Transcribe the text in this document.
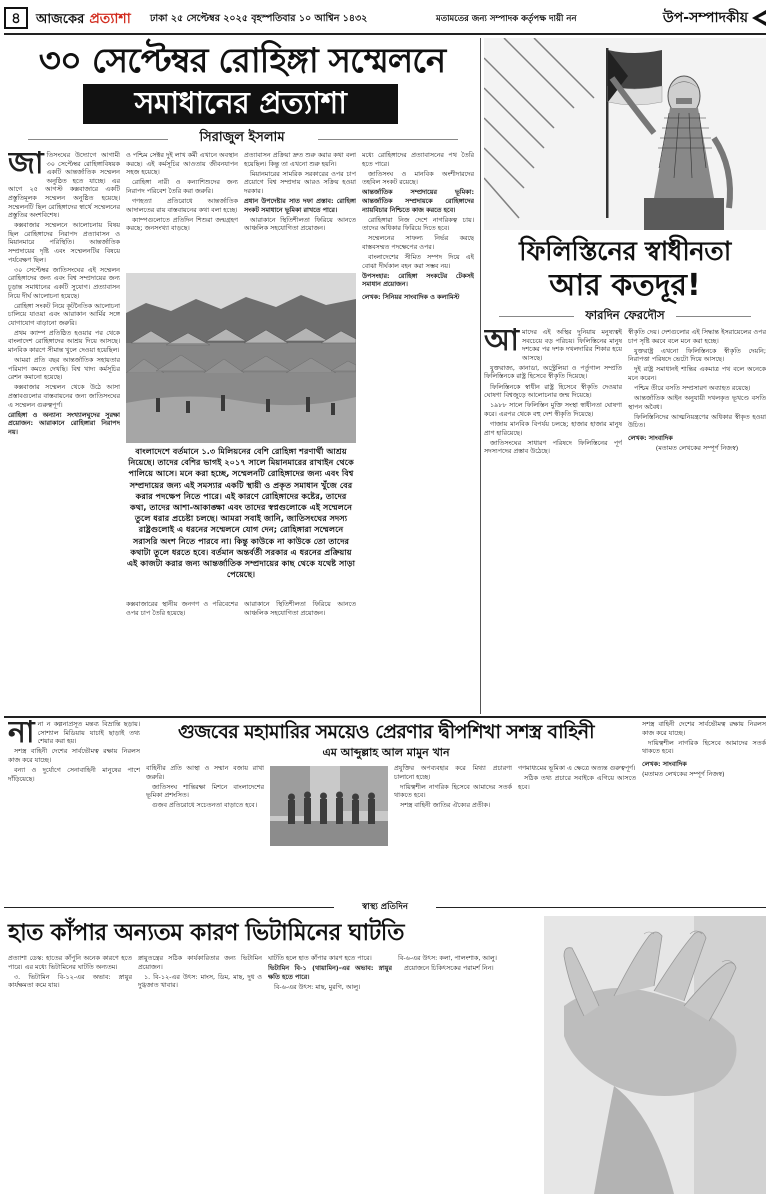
৪	আজকের প্রত্যাশা	ঢাকা ২৫ সেপ্টেম্বর ২০২৫ বৃহস্পতিবার ১০ আশ্বিন ১৪৩২	মতামতের জন্য সম্পাদক কর্তৃপক্ষ দায়ী নন	উপ-সম্পাদকীয়
৩০ সেপ্টেম্বর রোহিঙ্গা সম্মেলনে
সমাধানের প্রত্যাশা
সিরাজুল ইসলাম
জা তিসংঘের উদ্যোগে আগামী ৩০ সেপ্টেম্বর রোহিঙ্গাবিষয়ক একটি আন্তর্জাতিক সম্মেলন অনুষ্ঠিত হতে যাচ্ছে। এর আগে ২৫ আগস্ট কক্সবাজারে একটি প্রস্তুতিমূলক সম্মেলন অনুষ্ঠিত হয়েছে। সম্মেলনটি ছিল রোহিঙ্গাদের স্বার্থে সম্মেলনের প্রস্তুতির অংশবিশেষ।

কক্সবাজার সম্মেলনে আলোচনায় বিষয় ছিল রোহিঙ্গাদের নিরাপদ প্রত্যাবাসন ও মিয়ানমারে পরিস্থিতি। আন্তর্জাতিক সম্প্রদায়ের দৃষ্টি এবং সম্মেলনটির বিষয়ে পর্যবেক্ষণ ছিল।

৩০ সেপ্টেম্বর জাতিসংঘের এই সম্মেলন রোহিঙ্গাদের জন্য এবং বিশ্ব সম্প্রদায়ের জন্য চূড়ান্ত সমাধানের একটি সুযোগ। প্রত্যাবাসন নিয়ে দীর্ঘ আলোচনা হয়েছে।

রোহিঙ্গা সংকট নিয়ে কূটনৈতিক আলোচনা চালিয়ে যাওয়া এবং আরাকান আর্মির সঙ্গে যোগাযোগ বাড়ানো জরুরি।

প্রথম ক্যাম্প প্রতিষ্ঠিত হওয়ার পর থেকে বাংলাদেশ রোহিঙ্গাদের আশ্রয় দিয়ে আসছে। মানবিক কারণে সীমান্ত খুলে দেওয়া হয়েছিল।

আমরা প্রতি বছর আন্তর্জাতিক সহায়তার পরিমাণ কমতে দেখছি। বিশ্ব খাদ্য কর্মসূচির রেশন কমানো হয়েছে।

কক্সবাজার সম্মেলন থেকে উঠে আসা প্রস্তাবগুলোর বাস্তবায়নের জন্য জাতিসংঘের এ সম্মেলন গুরুত্বপূর্ণ।

রোহিঙ্গা ও অন্যান্য সংখ্যালঘুদের সুরক্ষা প্রয়োজন: আরাকানে রোহিঙ্গারা নিরাপদ নয়।

ও পশ্চিম সেক্টর দুই লাখ কর্মী এখানে অবস্থান করছে। এই কর্মসূচির আওতায় জীবনযাপন সহজ হয়েছে।

রোহিঙ্গা নারী ও কন্যাশিশুদের জন্য নিরাপদ পরিবেশ তৈরি করা জরুরি।

গণহত্যা প্রতিরোধে আন্তর্জাতিক আদালতের রায় বাস্তবায়নের কথা বলা হচ্ছে।

ক্যাম্পগুলোতে প্রতিদিন শিশুরা জন্মগ্রহণ করছে; জনসংখ্যা বাড়ছে।

প্রত্যাবাসন প্রক্রিয়া দ্রুত শুরু করার কথা বলা হয়েছিল। কিন্তু তা এখনো শুরু হয়নি।

মিয়ানমারের সামরিক সরকারের ওপর চাপ প্রয়োগে বিশ্ব সম্প্রদায় আরও সক্রিয় হওয়া দরকার।

প্রধান উপদেষ্টার সাত দফা প্রস্তাব: রোহিঙ্গা সংকট সমাধানে ভূমিকা রাখতে পারে।

আরাকানে স্থিতিশীলতা ফিরিয়ে আনতে আঞ্চলিক সহযোগিতা প্রয়োজন।

বাংলাদেশে বর্তমানে ১.৩ মিলিয়নের বেশি রোহিঙ্গা শরণার্থী আশ্রয় নিয়েছে। তাদের বেশির ভাগই ২০১৭ সালে মিয়ানমারের রাখাইন থেকে পালিয়ে আসে। মনে করা হচ্ছে, সম্মেলনটি রোহিঙ্গাদের জন্য এবং বিশ্ব সম্প্রদায়ের জন্য এই সমস্যার একটি স্থায়ী ও প্রকৃত সমাধান খুঁজে বের করার পদক্ষেপ নিতে পারে। এই কারণে রোহিঙ্গাদের কষ্টের, তাদের কথা, তাদের আশা-আকাঙ্ক্ষা এবং তাদের স্বপ্নগুলোকে এই সম্মেলনে তুলে ধরার প্রচেষ্টা চলছে। আমরা সবাই জানি, জাতিসংঘের সদস্য রাষ্ট্রগুলোই এ ধরনের সম্মেলনে যোগ দেন; রোহিঙ্গারা সম্মেলনে সরাসরি অংশ নিতে পারবে না। কিন্তু কাউকে না কাউকে তো তাদের কথাটা তুলে ধরতে হবে। বর্তমান অন্তর্বর্তী সরকার এ ধরনের প্রক্রিয়ায় এই কাজটা করার জন্য আন্তর্জাতিক সম্প্রদায়ের কাছ থেকে যথেষ্ট সাড়া পেয়েছে।

কক্সবাজারের স্থানীয় জনগণ ও পরিবেশের ওপর চাপ তৈরি হয়েছে।

আরাকানে স্থিতিশীলতা ফিরিয়ে আনতে আঞ্চলিক সহযোগিতা প্রয়োজন।

মধ্যে রোহিঙ্গাদের প্রত্যাবাসনের পথ তৈরি হতে পারে।

জাতিসংঘ ও মানবিক অংশীদারদের তহবিল সংকট রয়েছে।

আন্তর্জাতিক সম্প্রদায়ের ভূমিকা: আন্তর্জাতিক সম্প্রদায়কে রোহিঙ্গাদের ন্যায়বিচার নিশ্চিতে কাজ করতে হবে।

রোহিঙ্গারা নিজ দেশে নাগরিকত্ব চায়। তাদের অধিকার ফিরিয়ে দিতে হবে।

সম্মেলনের সাফল্য নির্ভর করছে বাস্তবসম্মত পদক্ষেপের ওপর।

বাংলাদেশের সীমিত সম্পদ দিয়ে এই বোঝা দীর্ঘকাল বহন করা সম্ভব নয়।

উপসংহার: রোহিঙ্গা সংকটের টেকসই সমাধান প্রয়োজন।

লেখক: সিনিয়র সাংবাদিক ও কলামিস্ট

ফিলিস্তিনের স্বাধীনতা
আর কতদূর!
ফারদিন ফেরদৌস
আ মাদের এই অস্থির দুনিয়ায় মনুষ্যত্বই সবচেয়ে বড় পরিচয়। ফিলিস্তিনের মানুষ দশকের পর দশক দখলদারির শিকার হয়ে আসছে।

যুক্তরাজ্য, কানাডা, অস্ট্রেলিয়া ও পর্তুগাল সম্প্রতি ফিলিস্তিনকে রাষ্ট্র হিসেবে স্বীকৃতি দিয়েছে।

ফিলিস্তিনকে স্বাধীন রাষ্ট্র হিসেবে স্বীকৃতি দেওয়ার ঘোষণা বিশ্বজুড়ে আলোচনার জন্ম দিয়েছে।

১৯৮৮ সালে ফিলিস্তিন মুক্তি সংস্থা স্বাধীনতা ঘোষণা করে। এরপর থেকে বহু দেশ স্বীকৃতি দিয়েছে।

গাজায় মানবিক বিপর্যয় চলছে; হাজার হাজার মানুষ প্রাণ হারিয়েছে।

জাতিসংঘের সাধারণ পরিষদে ফিলিস্তিনের পূর্ণ সদস্যপদের প্রস্তাব উঠেছে।

স্বীকৃতি দেয়। দেশগুলোর এই সিদ্ধান্ত ইসরায়েলের ওপর চাপ সৃষ্টি করবে বলে মনে করা হচ্ছে।

যুক্তরাষ্ট্র এখনো ফিলিস্তিনকে স্বীকৃতি দেয়নি; নিরাপত্তা পরিষদে ভেটো দিয়ে আসছে।

দুই রাষ্ট্র সমাধানই শান্তির একমাত্র পথ বলে অনেকে মনে করেন।

পশ্চিম তীরে বসতি সম্প্রসারণ অব্যাহত রয়েছে।

আন্তর্জাতিক আইন অনুযায়ী দখলকৃত ভূখণ্ডে বসতি স্থাপন অবৈধ।

ফিলিস্তিনিদের আত্মনিয়ন্ত্রণের অধিকার স্বীকৃত হওয়া উচিত।

লেখক: সাংবাদিক

(মতামত লেখকের সম্পূর্ণ নিজস্ব)

গুজবের মহামারির সময়েও প্রেরণার দ্বীপশিখা সশস্ত্র বাহিনী
এম আব্দুল্লাহ আল মামুন খান
না না ন কল্পনাপ্রসূত মন্তব্য বিভ্রান্তি ছড়ায়। সোশ্যাল মিডিয়ায় যাচাই ছাড়াই তথ্য শেয়ার করা হয়।

সশস্ত্র বাহিনী দেশের সার্বভৌমত্ব রক্ষায় নিরলস কাজ করে যাচ্ছে।

বন্যা ও দুর্যোগে সেনাবাহিনী মানুষের পাশে দাঁড়িয়েছে।

বাহিনীর প্রতি আস্থা ও সম্মান বজায় রাখা জরুরি।

জাতিসংঘ শান্তিরক্ষা মিশনে বাংলাদেশের ভূমিকা প্রশংসিত।

গুজব প্রতিরোধে সচেতনতা বাড়াতে হবে।

প্রযুক্তির অপব্যবহার করে মিথ্যা প্রচারণা চালানো হচ্ছে।

দায়িত্বশীল নাগরিক হিসেবে আমাদের সতর্ক থাকতে হবে।

সশস্ত্র বাহিনী জাতির ঐক্যের প্রতীক।

গণমাধ্যমের ভূমিকা এ ক্ষেত্রে অত্যন্ত গুরুত্বপূর্ণ।

সঠিক তথ্য প্রচারে সবাইকে এগিয়ে আসতে হবে।

সশস্ত্র বাহিনী দেশের সার্বভৌমত্ব রক্ষায় নিরলস কাজ করে যাচ্ছে।

দায়িত্বশীল নাগরিক হিসেবে আমাদের সতর্ক থাকতে হবে।

লেখক: সাংবাদিক

(মতামত লেখকের সম্পূর্ণ নিজস্ব)

স্বাস্থ্য প্রতিদিন
হাত কাঁপার অন্যতম কারণ ভিটামিনের ঘাটতি

প্রত্যাশা ডেস্ক: হাতের কাঁপুনি অনেক কারণে হতে পারে। এর মধ্যে ভিটামিনের ঘাটতি অন্যতম।

৩. ভিটামিন বি-১২-এর অভাব: স্নায়ুর কার্যক্ষমতা কমে যায়।

স্নায়ুতন্ত্রের সঠিক কার্যকারিতার জন্য ভিটামিন প্রয়োজন।

১. বি-১২-এর উৎস: মাংস, ডিম, মাছ, দুধ ও দুগ্ধজাত খাবার।

ঘাটতি হলে হাত কাঁপার কারণ হতে পারে।

ভিটামিন বি-১ (থায়ামিন)-এর অভাব: স্নায়ুর ক্ষতি হতে পারে।

বি-৬-এর উৎস: মাছ, মুরগি, আলু।

বি-৬-এর উৎস: কলা, পালংশাক, আলু।

প্রয়োজনে চিকিৎসকের পরামর্শ নিন।
